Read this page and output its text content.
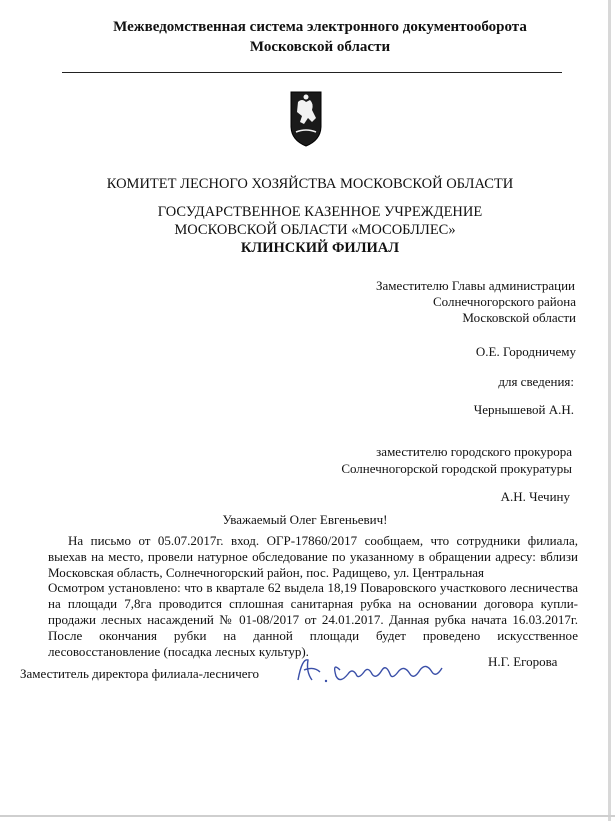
Межведомственная система электронного документооборота
Московской области
КОМИТЕТ ЛЕСНОГО ХОЗЯЙСТВА МОСКОВСКОЙ ОБЛАСТИ
ГОСУДАРСТВЕННОЕ КАЗЕННОЕ УЧРЕЖДЕНИЕ
МОСКОВСКОЙ ОБЛАСТИ «МОСОБЛЛЕС»
КЛИНСКИЙ ФИЛИАЛ
Заместителю Главы администрации
Солнечногорского района
Московской области
О.Е. Городничему
для сведения:
Чернышевой А.Н.
заместителю городского прокурора
Солнечногорской городской прокуратуры
А.Н. Чечину
Уважаемый Олег Евгеньевич!

На письмо от 05.07.2017г. вход. ОГР-17860/2017 сообщаем, что сотрудники филиала, выехав на место, провели натурное обследование по указанному в обращении адресу: вблизи Московская область, Солнечногорский район, пос. Радищево, ул. Центральная

Осмотром установлено: что в квартале 62 выдела 18,19 Поваровского участкового лесничества на площади 7,8га проводится сплошная санитарная рубка на основании договора купли-продажи лесных насаждений № 01-08/2017 от 24.01.2017. Данная рубка начата 16.03.2017г. После окончания рубки на данной площади будет проведено искусственное лесовосстановление (посадка лесных культур).

Заместитель директора филиала-лесничего
Н.Г. Егорова
